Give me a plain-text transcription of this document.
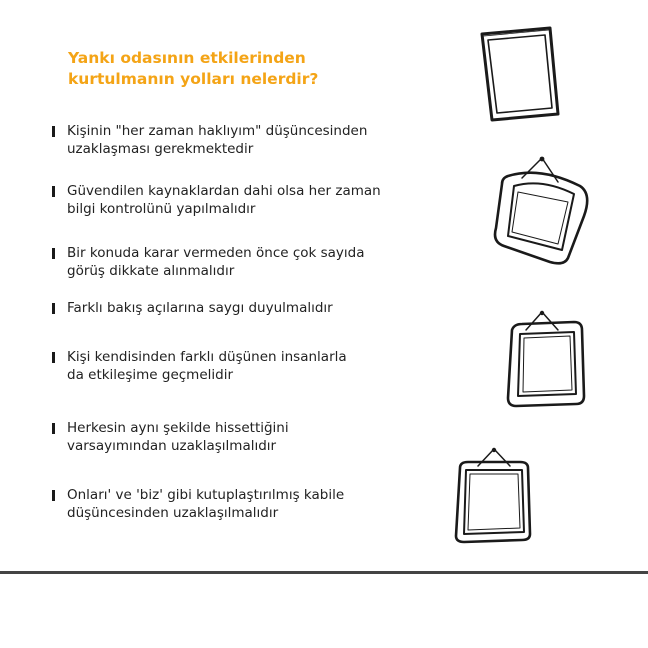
Yankı odasının etkilerinden
kurtulmanın yolları nelerdir?
Kişinin "her zaman haklıyım" düşüncesinden
uzaklaşması gerekmektedir
Güvendilen kaynaklardan dahi olsa her zaman
bilgi kontrolünü yapılmalıdır
Bir konuda karar vermeden önce çok sayıda
görüş dikkate alınmalıdır
Farklı bakış açılarına saygı duyulmalıdır
Kişi kendisinden farklı düşünen insanlarla
da etkileşime geçmelidir
Herkesin aynı şekilde hissettiğini
varsayımından uzaklaşılmalıdır
Onları' ve 'biz' gibi kutuplaştırılmış kabile
düşüncesinden uzaklaşılmalıdır
